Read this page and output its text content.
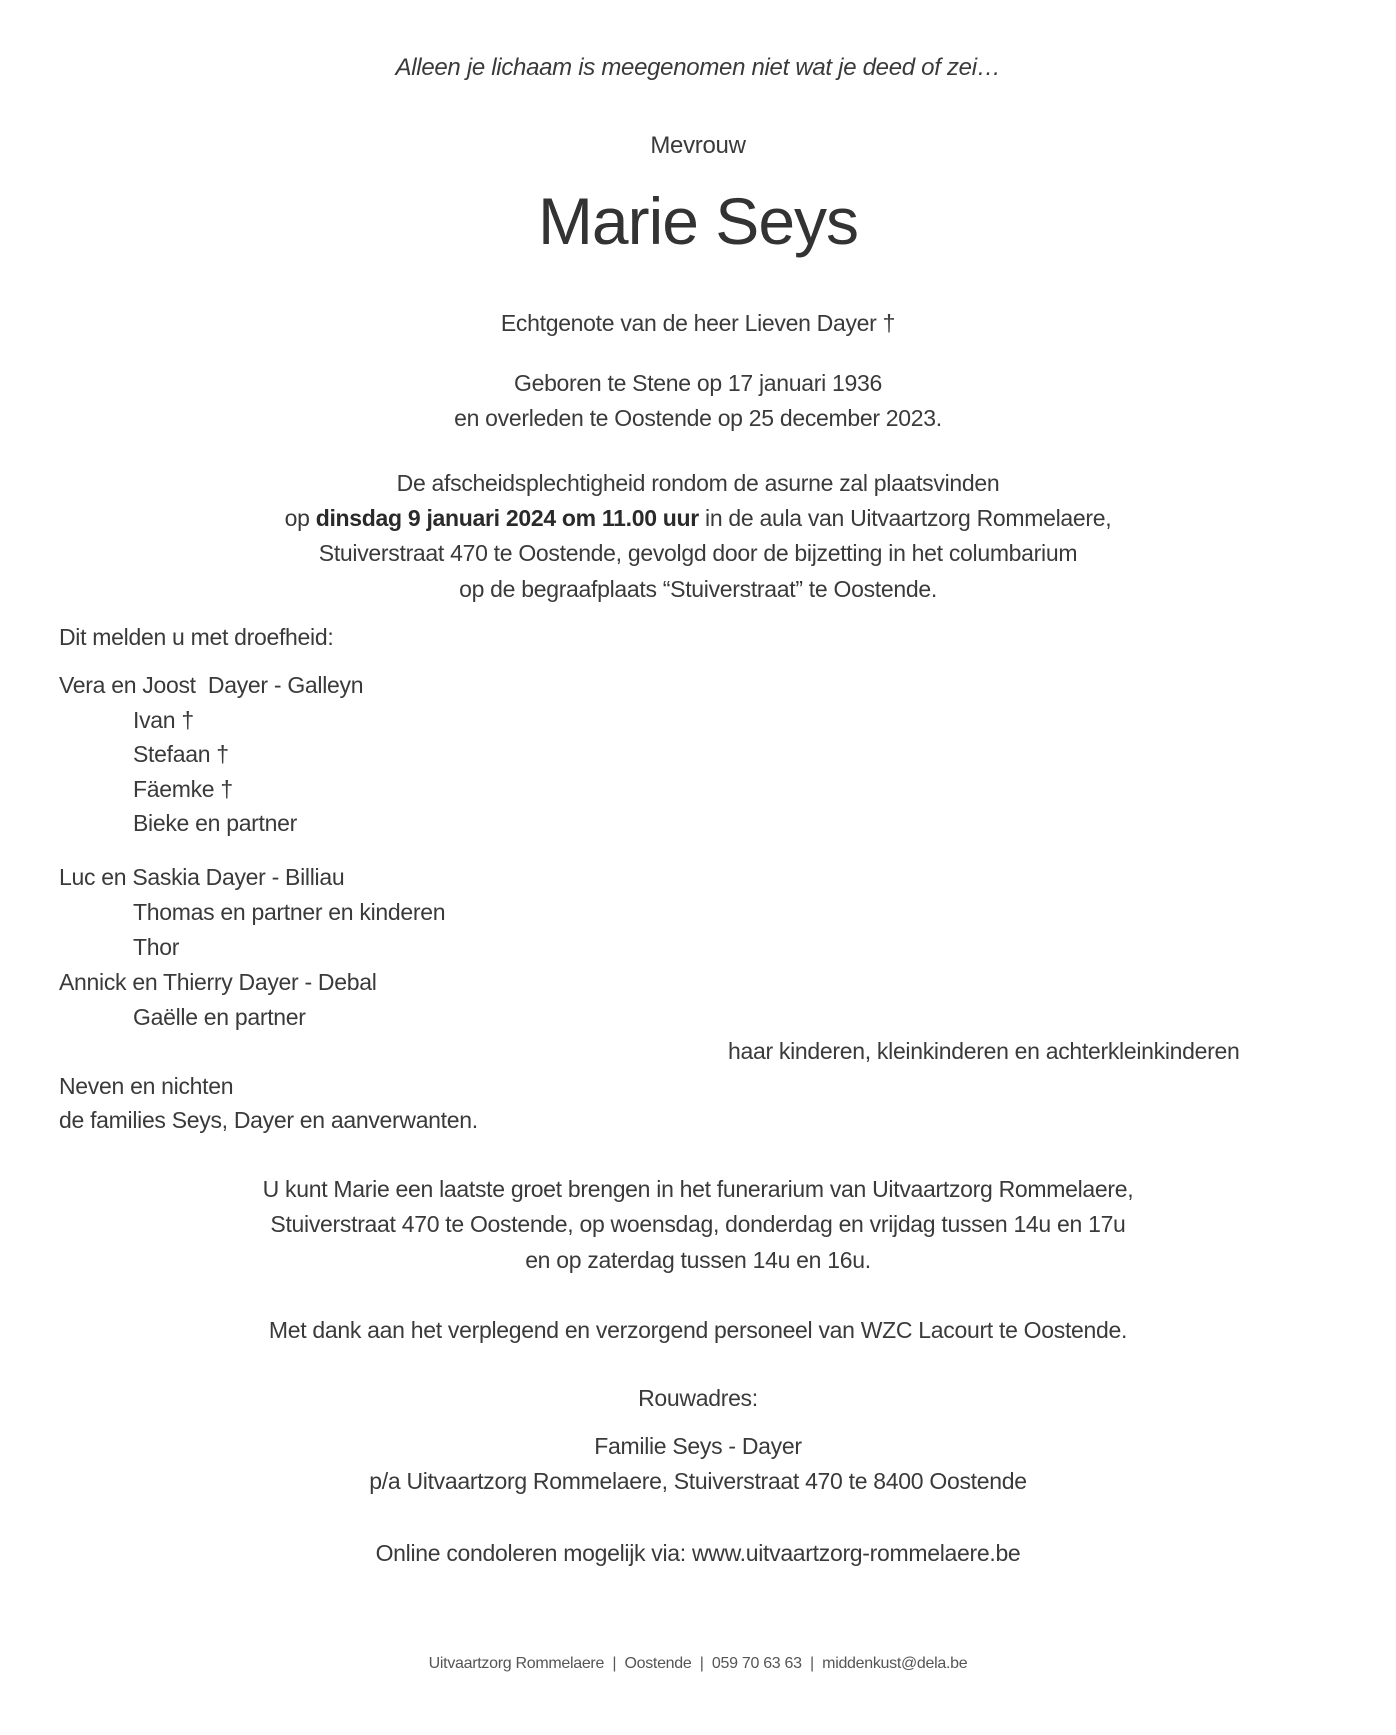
Alleen je lichaam is meegenomen niet wat je deed of zei…
Mevrouw
Marie Seys
Echtgenote van de heer Lieven Dayer †
Geboren te Stene op 17 januari 1936
en overleden te Oostende op 25 december 2023.
De afscheidsplechtigheid rondom de asurne zal plaatsvinden
op dinsdag 9 januari 2024 om 11.00 uur in de aula van Uitvaartzorg Rommelaere,
Stuiverstraat 470 te Oostende, gevolgd door de bijzetting in het columbarium
op de begraafplaats “Stuiverstraat” te Oostende.
Dit melden u met droefheid:
Vera en Joost  Dayer - Galleyn
Ivan †
Stefaan †
Fäemke †
Bieke en partner
Luc en Saskia Dayer - Billiau
Thomas en partner en kinderen
Thor
Annick en Thierry Dayer - Debal
Gaëlle en partner
haar kinderen, kleinkinderen en achterkleinkinderen
Neven en nichten
de families Seys, Dayer en aanverwanten.
U kunt Marie een laatste groet brengen in het funerarium van Uitvaartzorg Rommelaere,
Stuiverstraat 470 te Oostende, op woensdag, donderdag en vrijdag tussen 14u en 17u
en op zaterdag tussen 14u en 16u.
Met dank aan het verplegend en verzorgend personeel van WZC Lacourt te Oostende.
Rouwadres:
Familie Seys - Dayer
p/a Uitvaartzorg Rommelaere, Stuiverstraat 470 te 8400 Oostende
Online condoleren mogelijk via: www.uitvaartzorg-rommelaere.be
Uitvaartzorg Rommelaere  |  Oostende  |  059 70 63 63  |  middenkust@dela.be
